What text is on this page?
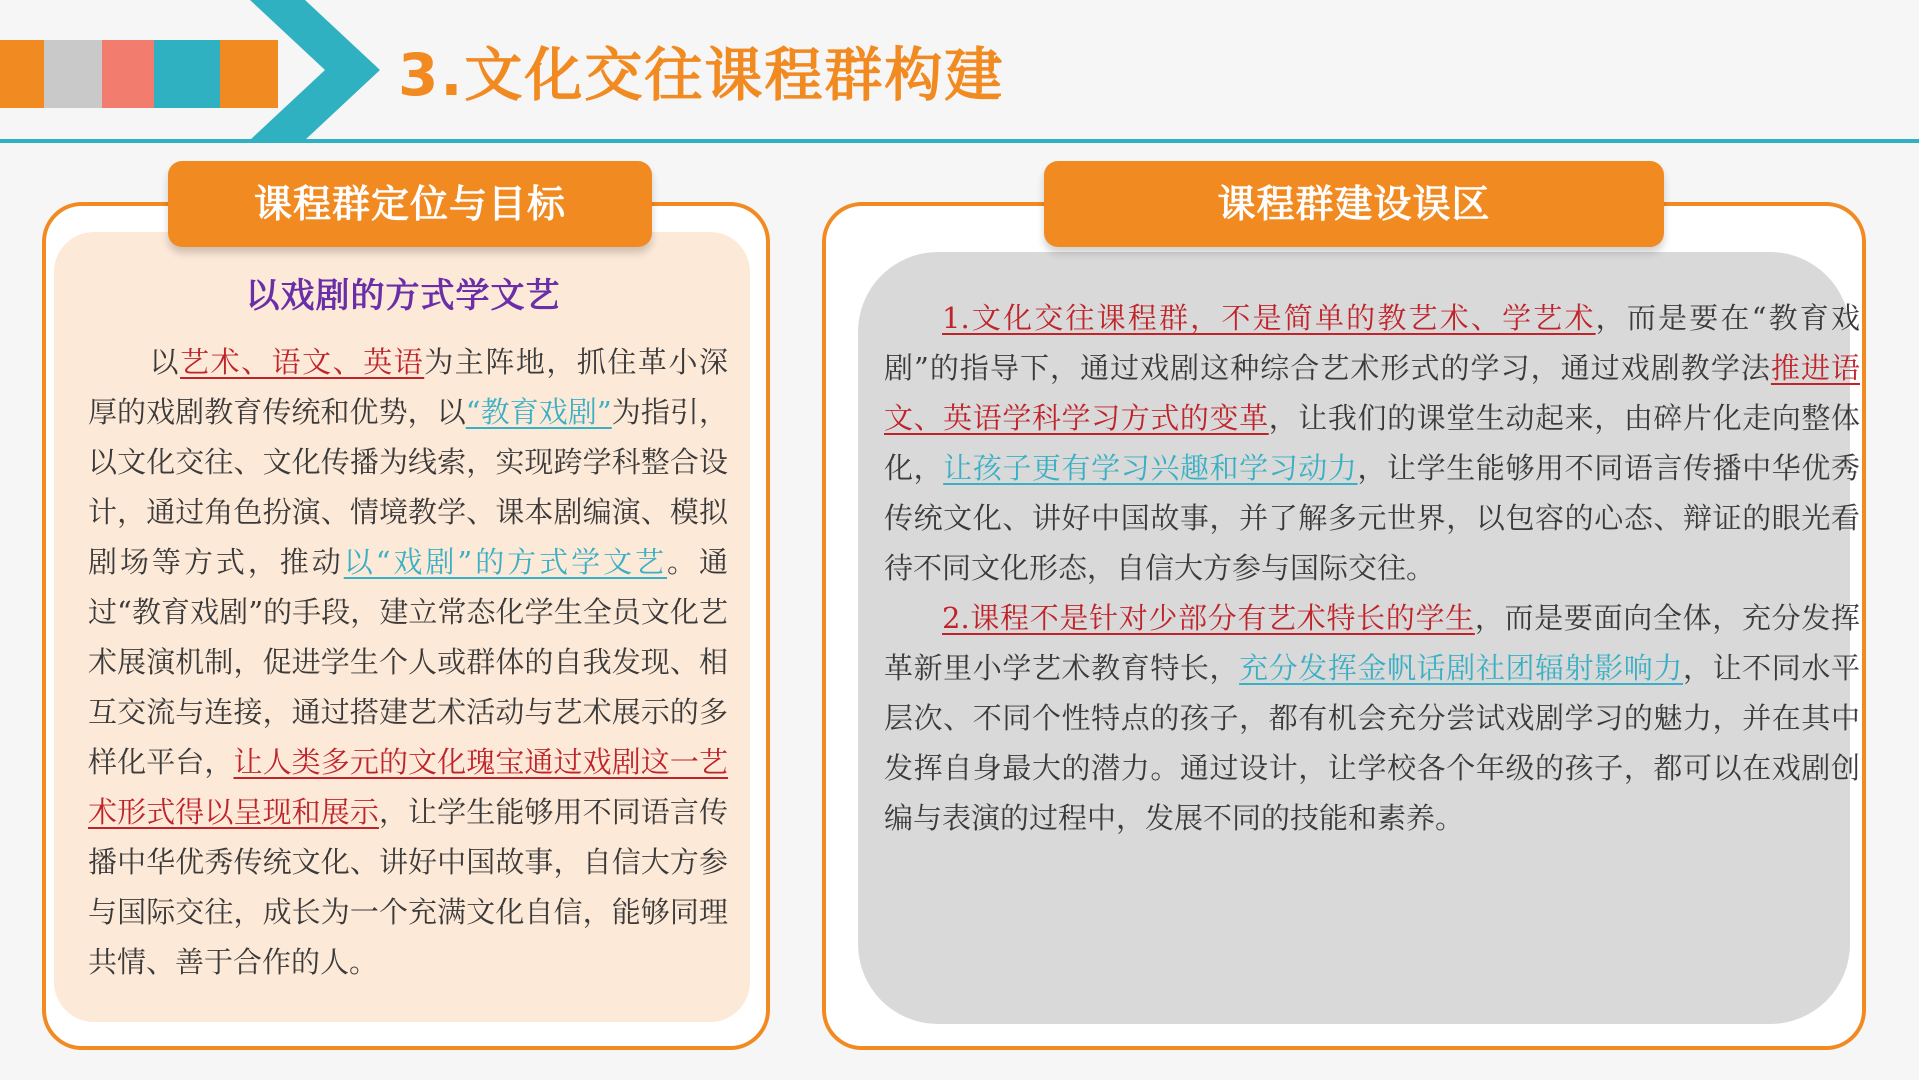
3.文化交往课程群构建
课程群定位与目标
以戏剧的方式学文艺
以艺术、语文、英语为主阵地，抓住革小深厚的戏剧教育传统和优势，以“教育戏剧”为指引，以文化交往、文化传播为线索，实现跨学科整合设计，通过角色扮演、情境教学、课本剧编演、模拟剧场等方式，推动以“戏剧”的方式学文艺。通过“教育戏剧”的手段，建立常态化学生全员文化艺术展演机制，促进学生个人或群体的自我发现、相互交流与连接，通过搭建艺术活动与艺术展示的多样化平台，让人类多元的文化瑰宝通过戏剧这一艺术形式得以呈现和展示，让学生能够用不同语言传播中华优秀传统文化、讲好中国故事，自信大方参与国际交往，成长为一个充满文化自信，能够同理共情、善于合作的人。
课程群建设误区
1.文化交往课程群，不是简单的教艺术、学艺术，而是要在“教育戏剧”的指导下，通过戏剧这种综合艺术形式的学习，通过戏剧教学法推进语文、英语学科学习方式的变革，让我们的课堂生动起来，由碎片化走向整体化，让孩子更有学习兴趣和学习动力，让学生能够用不同语言传播中华优秀传统文化、讲好中国故事，并了解多元世界，以包容的心态、辩证的眼光看待不同文化形态，自信大方参与国际交往。
2.课程不是针对少部分有艺术特长的学生，而是要面向全体，充分发挥革新里小学艺术教育特长，充分发挥金帆话剧社团辐射影响力，让不同水平层次、不同个性特点的孩子，都有机会充分尝试戏剧学习的魅力，并在其中发挥自身最大的潜力。通过设计，让学校各个年级的孩子，都可以在戏剧创编与表演的过程中，发展不同的技能和素养。
